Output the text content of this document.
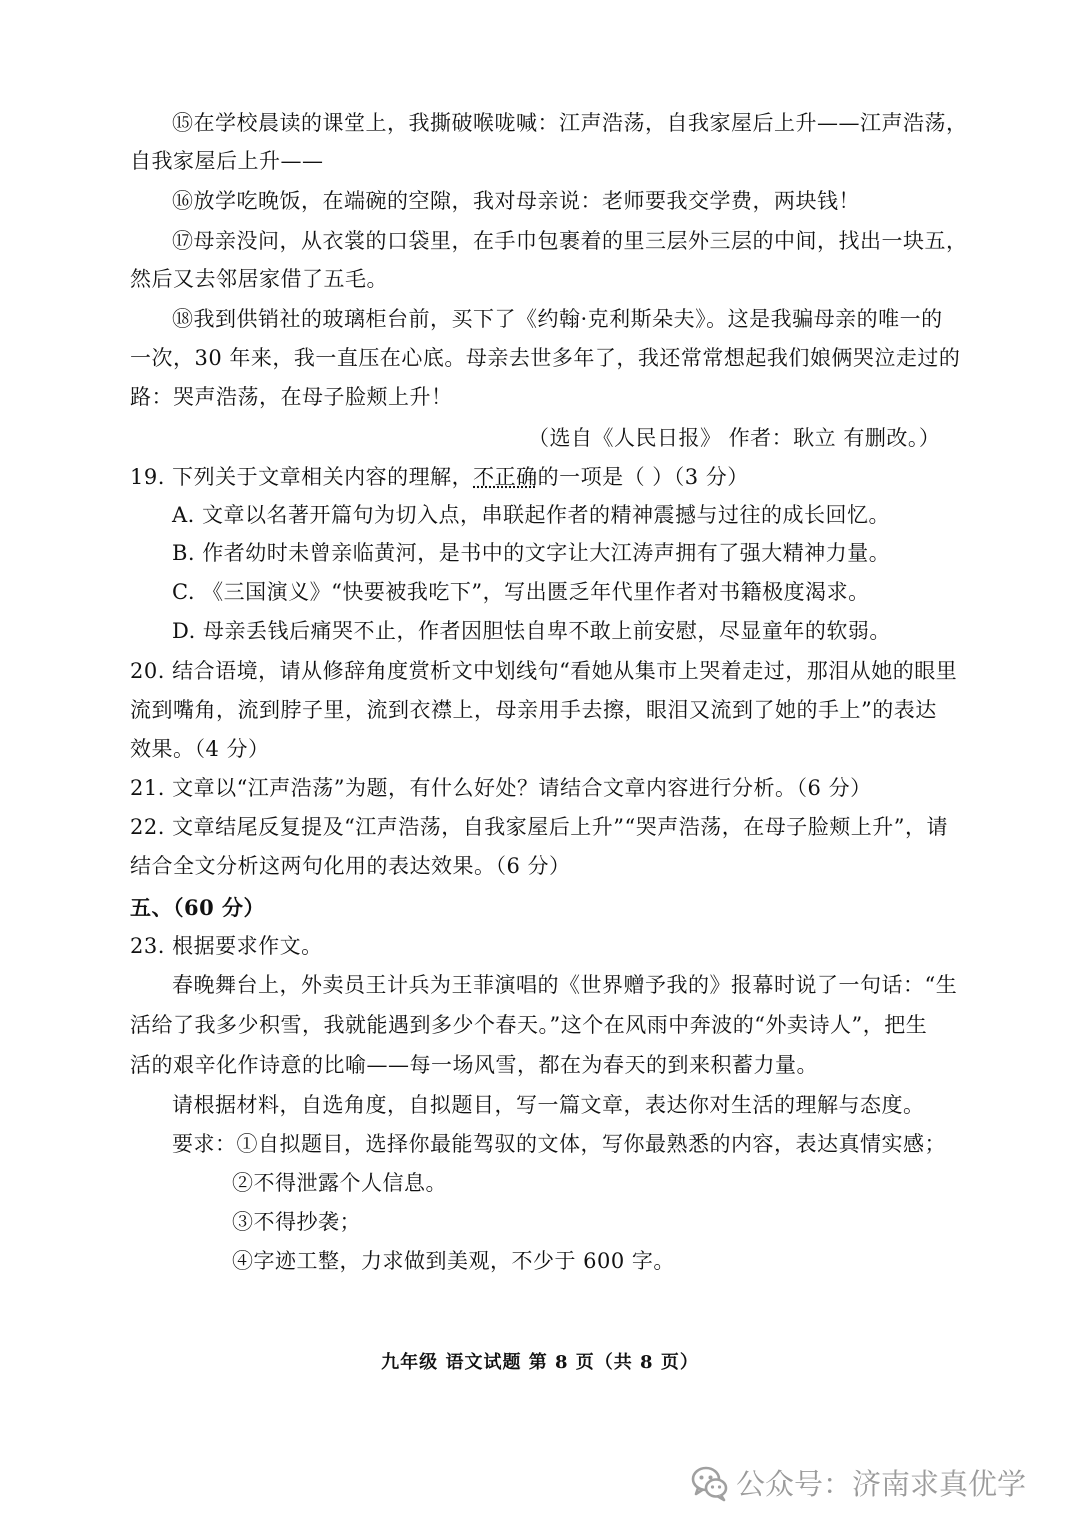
⑮在学校晨读的课堂上，我撕破喉咙喊：江声浩荡，自我家屋后上升——江声浩荡，
自我家屋后上升——
⑯放学吃晚饭，在端碗的空隙，我对母亲说：老师要我交学费，两块钱！
⑰母亲没问，从衣裳的口袋里，在手巾包裹着的里三层外三层的中间，找出一块五，
然后又去邻居家借了五毛。
⑱我到供销社的玻璃柜台前，买下了《约翰·克利斯朵夫》。这是我骗母亲的唯一的
一次，30 年来，我一直压在心底。母亲去世多年了，我还常常想起我们娘俩哭泣走过的
路：哭声浩荡，在母子脸颊上升！
（选自《人民日报》 作者：耿立 有删改。）
19. 下列关于文章相关内容的理解，不正确的一项是（ ）（3 分）
A. 文章以名著开篇句为切入点，串联起作者的精神震撼与过往的成长回忆。
B. 作者幼时未曾亲临黄河，是书中的文字让大江涛声拥有了强大精神力量。
C. 《三国演义》“快要被我吃下”，写出匮乏年代里作者对书籍极度渴求。
D. 母亲丢钱后痛哭不止，作者因胆怯自卑不敢上前安慰，尽显童年的软弱。
20. 结合语境，请从修辞角度赏析文中划线句“看她从集市上哭着走过，那泪从她的眼里
流到嘴角，流到脖子里，流到衣襟上，母亲用手去擦，眼泪又流到了她的手上”的表达
效果。（4 分）
21. 文章以“江声浩荡”为题，有什么好处？请结合文章内容进行分析。（6 分）
22. 文章结尾反复提及“江声浩荡，自我家屋后上升”“哭声浩荡，在母子脸颊上升”，请
结合全文分析这两句化用的表达效果。（6 分）
五、（60 分）
23. 根据要求作文。
春晚舞台上，外卖员王计兵为王菲演唱的《世界赠予我的》报幕时说了一句话：“生
活给了我多少积雪，我就能遇到多少个春天。”这个在风雨中奔波的“外卖诗人”，把生
活的艰辛化作诗意的比喻——每一场风雪，都在为春天的到来积蓄力量。
请根据材料，自选角度，自拟题目，写一篇文章，表达你对生活的理解与态度。
要求：①自拟题目，选择你最能驾驭的文体，写你最熟悉的内容，表达真情实感；
②不得泄露个人信息。
③不得抄袭；
④字迹工整，力求做到美观，不少于 600 字。
九年级 语文试题 第 8 页（共 8 页）
公众号：济南求真优学
